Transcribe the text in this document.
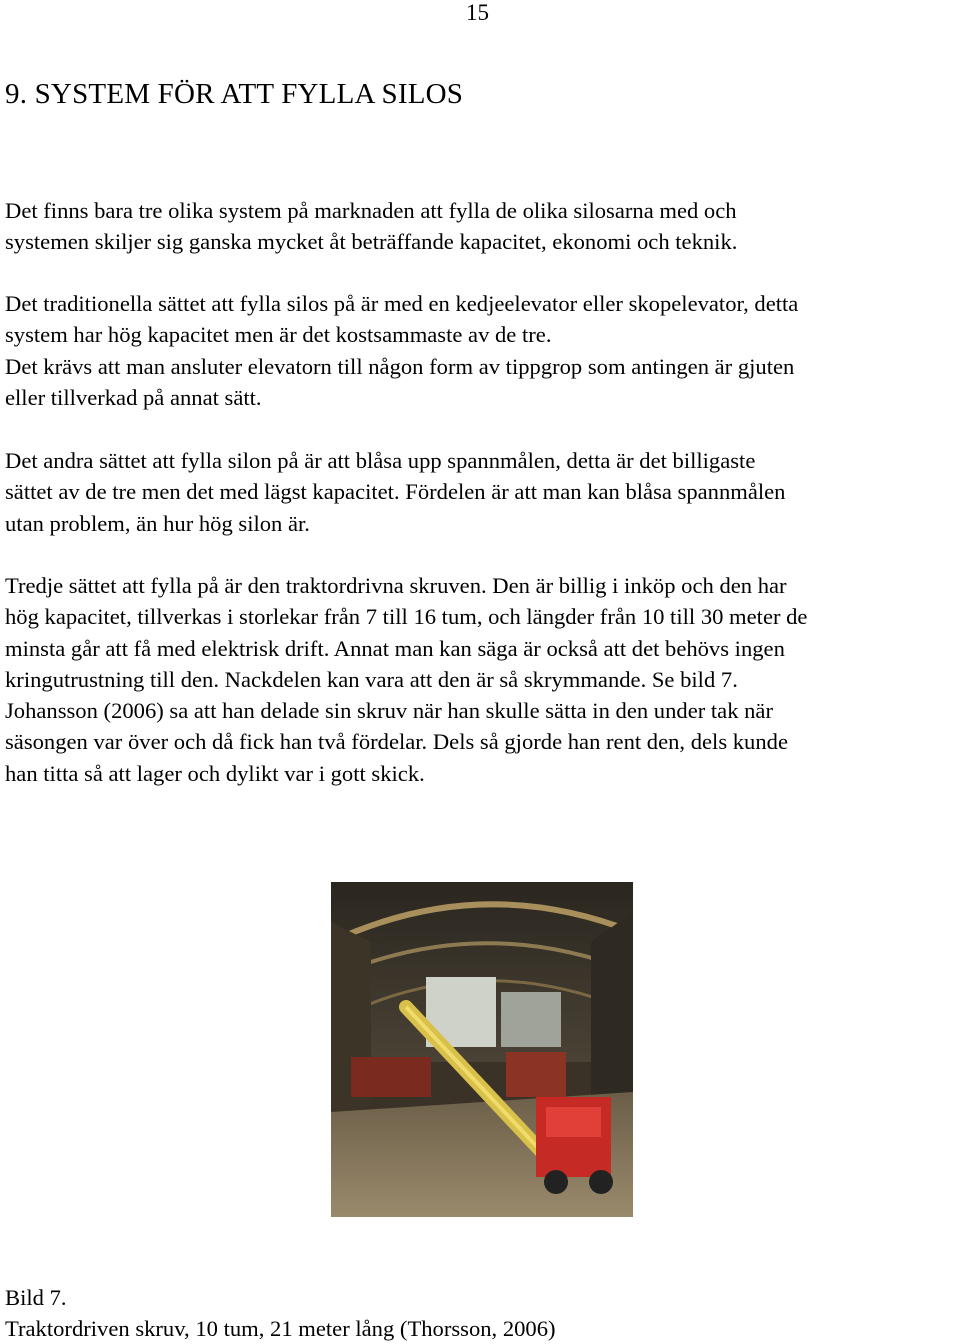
15
9. SYSTEM FÖR ATT FYLLA SILOS

Det finns bara tre olika system på marknaden att fylla de olika silosarna med och
systemen skiljer sig ganska mycket åt beträffande kapacitet, ekonomi och teknik.

Det traditionella sättet att fylla silos på är med en kedjeelevator eller skopelevator, detta
system har hög kapacitet men är det kostsammaste av de tre.
Det krävs att man ansluter elevatorn till någon form av tippgrop som antingen är gjuten
eller tillverkad på annat sätt.

Det andra sättet att fylla silon på är att blåsa upp spannmålen, detta är det billigaste
sättet av de tre men det med lägst kapacitet. Fördelen är att man kan blåsa spannmålen
utan problem, än hur hög silon är.

Tredje sättet att fylla på är den traktordrivna skruven. Den är billig i inköp och den har
hög kapacitet, tillverkas i storlekar från 7 till 16 tum, och längder från 10 till 30 meter de
minsta går att få med elektrisk drift. Annat man kan säga är också att det behövs ingen
kringutrustning till den. Nackdelen kan vara att den är så skrymmande. Se bild 7.
Johansson (2006) sa att han delade sin skruv när han skulle sätta in den under tak när
säsongen var över och då fick han två fördelar. Dels så gjorde han rent den, dels kunde
han titta så att lager och dylikt var i gott skick.

Bild 7.

Traktordriven skruv, 10 tum, 21 meter lång (Thorsson, 2006)
